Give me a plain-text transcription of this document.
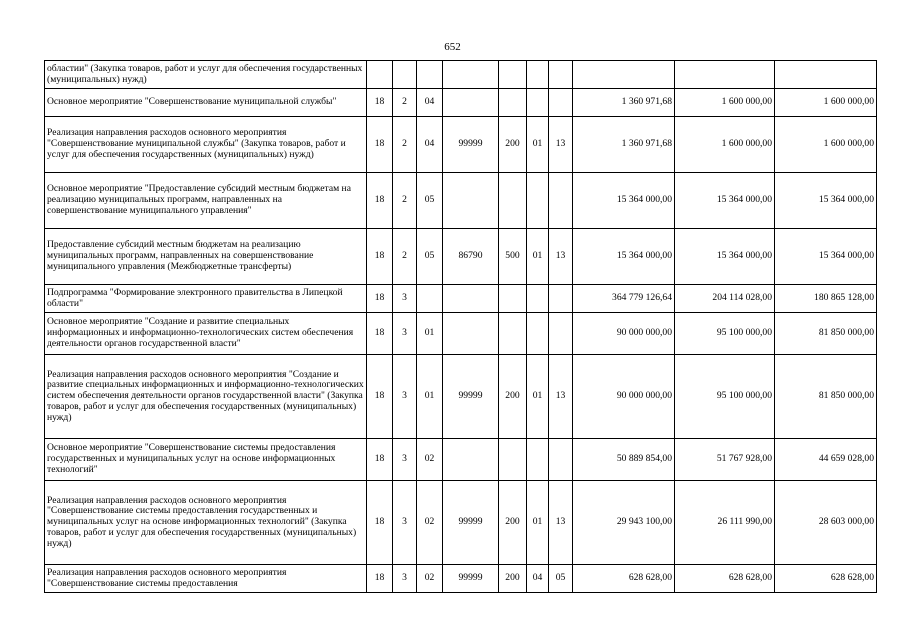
652
областии" (Закупка товаров, работ и услуг для обеспечения государственных (муниципальных) нужд)										
Основное мероприятие "Совершенствование муниципальной службы"	18	2	04					1 360 971,68	1 600 000,00	1 600 000,00
Реализация направления расходов основного мероприятия "Совершенствование муниципальной службы" (Закупка товаров, работ и услуг для обеспечения государственных (муниципальных) нужд)	18	2	04	99999	200	01	13	1 360 971,68	1 600 000,00	1 600 000,00
Основное мероприятие "Предоставление субсидий местным бюджетам на реализацию муниципальных программ, направленных на совершенствование муниципального управления"	18	2	05					15 364 000,00	15 364 000,00	15 364 000,00
Предоставление субсидий местным бюджетам на реализацию муниципальных программ, направленных на совершенствование муниципального управления (Межбюджетные трансферты)	18	2	05	86790	500	01	13	15 364 000,00	15 364 000,00	15 364 000,00
Подпрограмма "Формирование электронного правительства в Липецкой области"	18	3						364 779 126,64	204 114 028,00	180 865 128,00
Основное мероприятие "Создание и развитие специальных информационных и информационно-технологических систем обеспечения деятельности органов государственной власти"	18	3	01					90 000 000,00	95 100 000,00	81 850 000,00
Реализация направления расходов основного мероприятия "Создание и развитие специальных информационных и информационно-технологических систем обеспечения деятельности органов государственной власти" (Закупка товаров, работ и услуг для обеспечения государственных (муниципальных) нужд)	18	3	01	99999	200	01	13	90 000 000,00	95 100 000,00	81 850 000,00
Основное мероприятие "Совершенствование системы предоставления государственных и муниципальных услуг на основе информационных технологий"	18	3	02					50 889 854,00	51 767 928,00	44 659 028,00
Реализация направления расходов основного мероприятия "Совершенствование системы предоставления государственных и муниципальных услуг на основе информационных технологий" (Закупка товаров, работ и услуг для обеспечения государственных (муниципальных) нужд)	18	3	02	99999	200	01	13	29 943 100,00	26 111 990,00	28 603 000,00
Реализация направления расходов основного мероприятия "Совершенствование системы предоставления	18	3	02	99999	200	04	05	628 628,00	628 628,00	628 628,00
